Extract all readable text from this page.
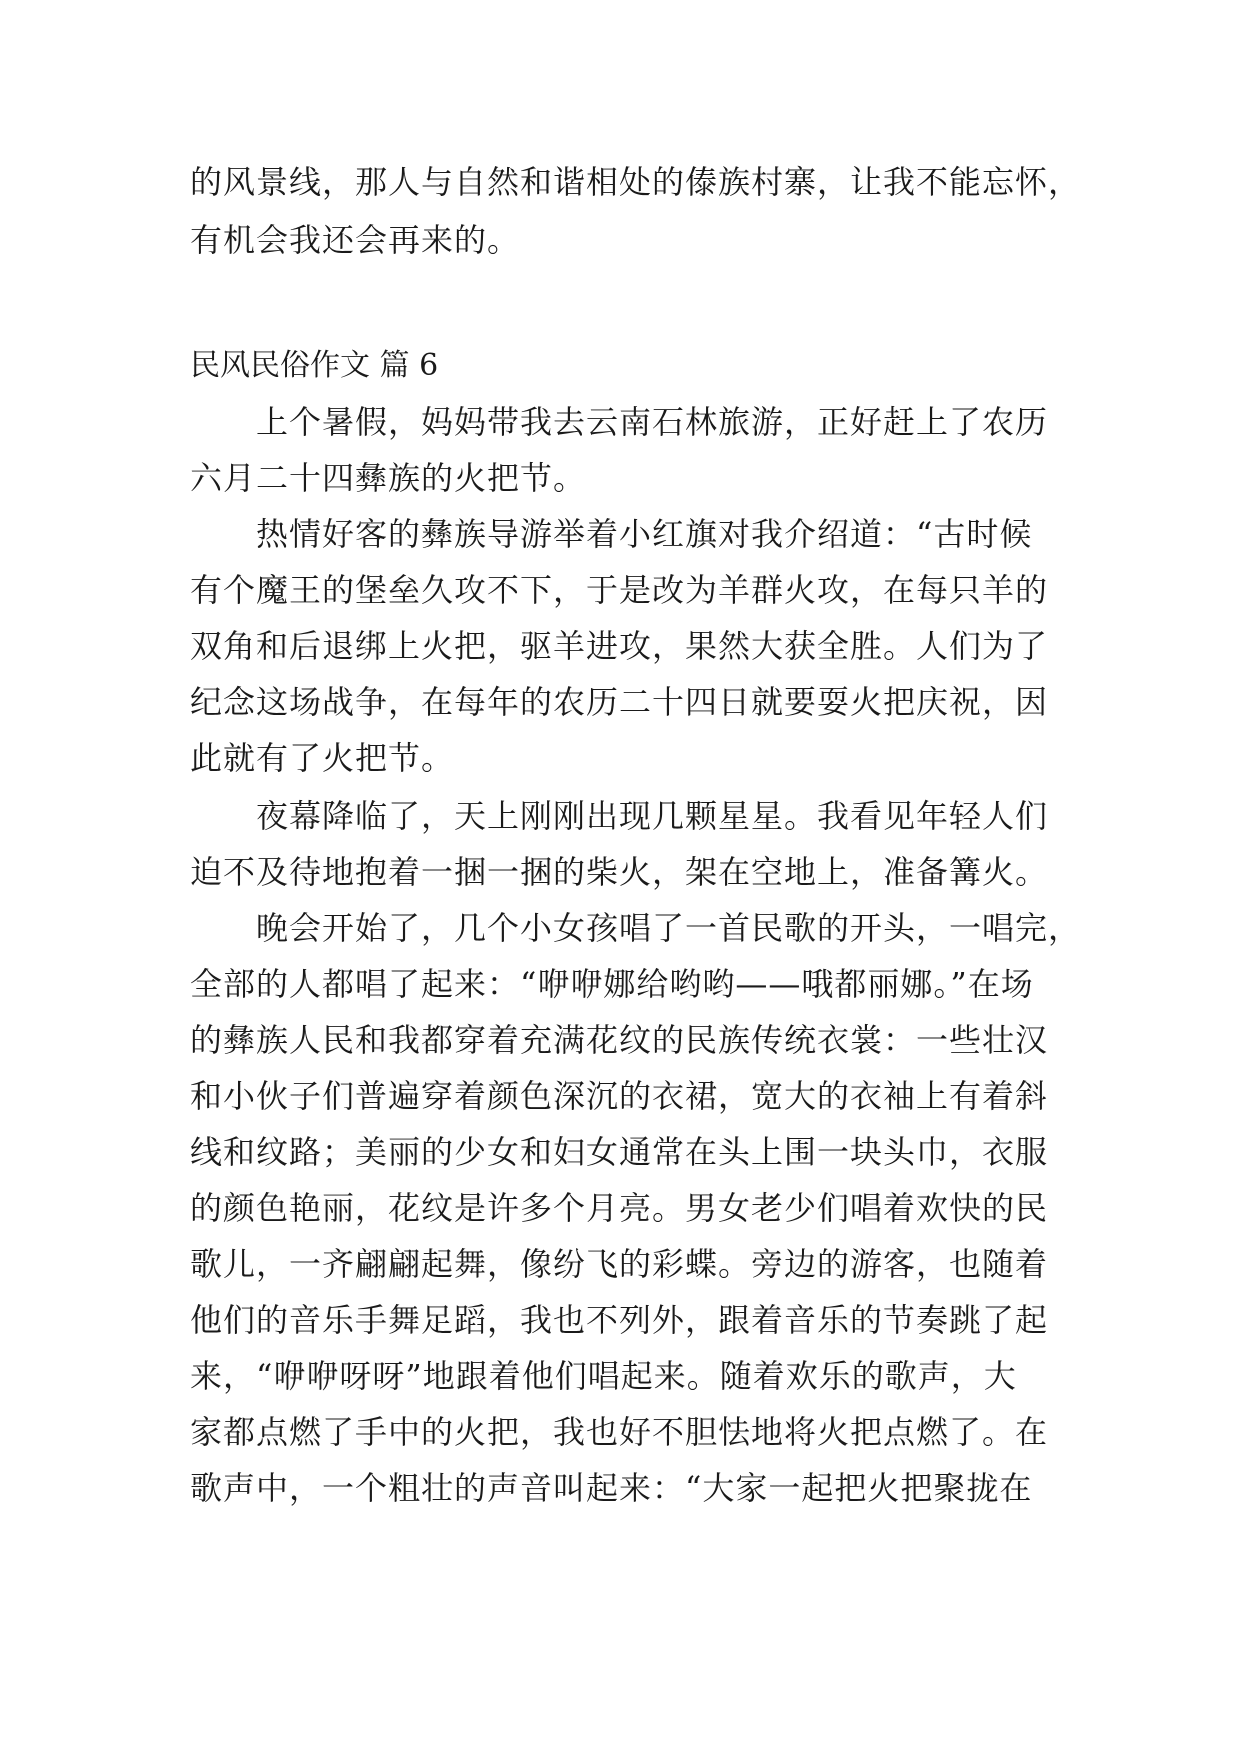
的风景线，那人与自然和谐相处的傣族村寨，让我不能忘怀，
有机会我还会再来的。
民风民俗作文 篇 6
上个暑假，妈妈带我去云南石林旅游，正好赶上了农历
六月二十四彝族的火把节。
热情好客的彝族导游举着小红旗对我介绍道：“古时候
有个魔王的堡垒久攻不下，于是改为羊群火攻，在每只羊的
双角和后退绑上火把，驱羊进攻，果然大获全胜。人们为了
纪念这场战争，在每年的农历二十四日就要耍火把庆祝，因
此就有了火把节。
夜幕降临了，天上刚刚出现几颗星星。我看见年轻人们
迫不及待地抱着一捆一捆的柴火，架在空地上，准备篝火。
晚会开始了，几个小女孩唱了一首民歌的开头，一唱完，
全部的人都唱了起来：“咿咿娜给哟哟——哦都丽娜。”在场
的彝族人民和我都穿着充满花纹的民族传统衣裳：一些壮汉
和小伙子们普遍穿着颜色深沉的衣裙，宽大的衣袖上有着斜
线和纹路；美丽的少女和妇女通常在头上围一块头巾，衣服
的颜色艳丽，花纹是许多个月亮。男女老少们唱着欢快的民
歌儿，一齐翩翩起舞，像纷飞的彩蝶。旁边的游客，也随着
他们的音乐手舞足蹈，我也不列外，跟着音乐的节奏跳了起
来，“咿咿呀呀”地跟着他们唱起来。随着欢乐的歌声，大
家都点燃了手中的火把，我也好不胆怯地将火把点燃了。在
歌声中，一个粗壮的声音叫起来：“大家一起把火把聚拢在
